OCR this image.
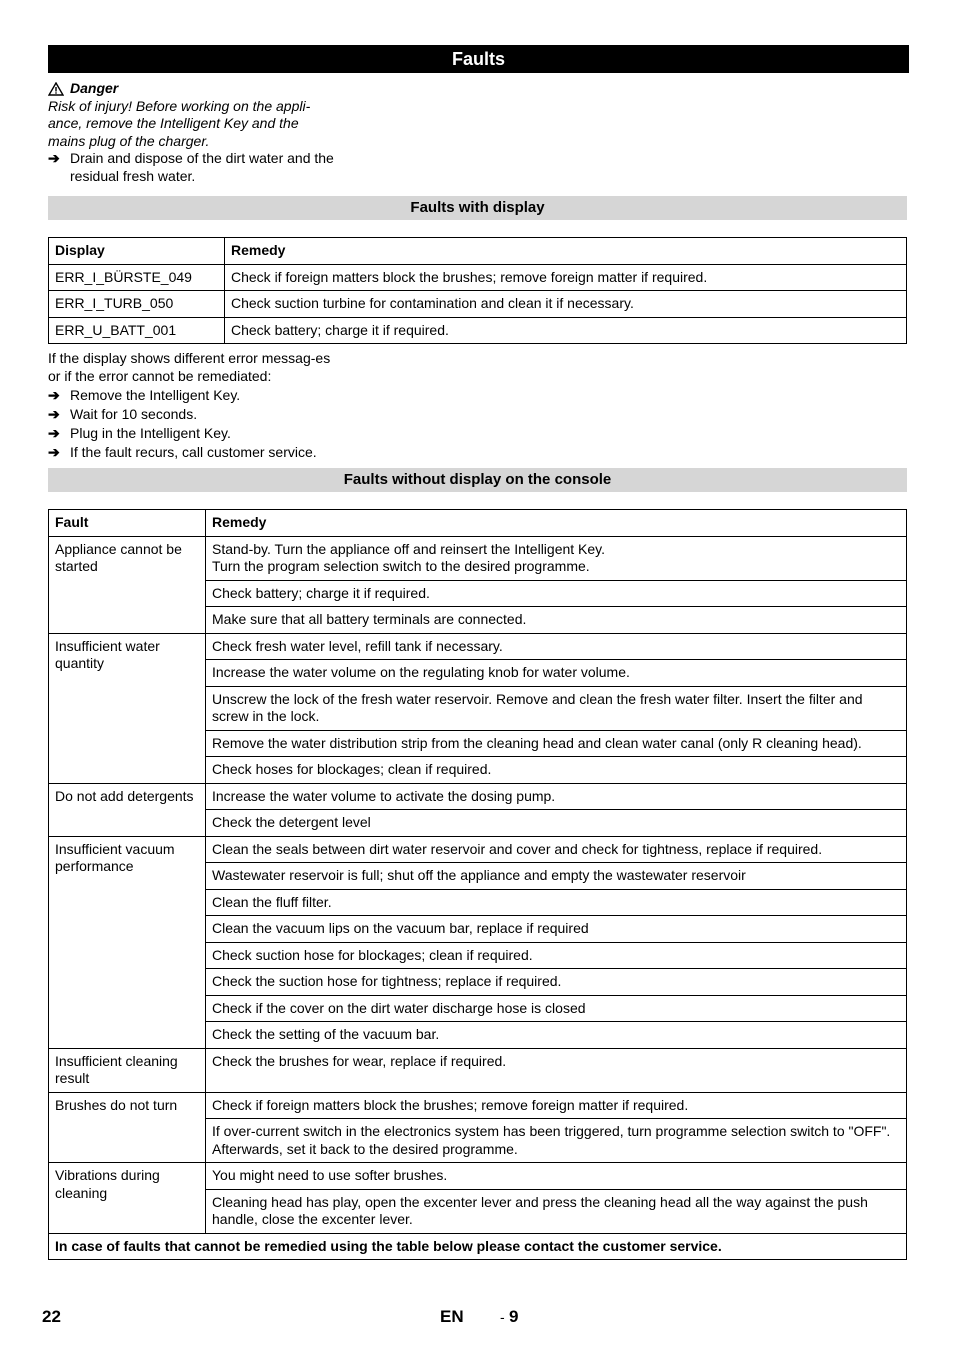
Faults
Danger
Risk of injury! Before working on the appli-ance, remove the Intelligent Key and the mains plug of the charger.
➔ Drain and dispose of the dirt water and the residual fresh water.
Faults with display
Display	Remedy
ERR_I_BÜRSTE_049	Check if foreign matters block the brushes; remove foreign matter if required.
ERR_I_TURB_050	Check suction turbine for contamination and clean it if necessary.
ERR_U_BATT_001	Check battery; charge it if required.
If the display shows different error messag-es or if the error cannot be remediated:
➔ Remove the Intelligent Key.
➔ Wait for 10 seconds.
➔ Plug in the Intelligent Key.
➔ If the fault recurs, call customer service.
Faults without display on the console
Fault	Remedy
Appliance cannot be started	Stand-by. Turn the appliance off and reinsert the Intelligent Key.
Turn the program selection switch to the desired programme.
	Check battery; charge it if required.
	Make sure that all battery terminals are connected.
Insufficient water quantity	Check fresh water level, refill tank if necessary.
	Increase the water volume on the regulating knob for water volume.
	Unscrew the lock of the fresh water reservoir. Remove and clean the fresh water filter. Insert the filter and screw in the lock.
	Remove the water distribution strip from the cleaning head and clean water canal (only R cleaning head).
	Check hoses for blockages; clean if required.
Do not add detergents	Increase the water volume to activate the dosing pump.
	Check the detergent level
Insufficient vacuum performance	Clean the seals between dirt water reservoir and cover and check for tightness, replace if required.
	Wastewater reservoir is full; shut off the appliance and empty the wastewater reservoir
	Clean the fluff filter.
	Clean the vacuum lips on the vacuum bar, replace if required
	Check suction hose for blockages; clean if required.
	Check the suction hose for tightness; replace if required.
	Check if the cover on the dirt water discharge hose is closed
	Check the setting of the vacuum bar.
Insufficient cleaning result	Check the brushes for wear, replace if required.
Brushes do not turn	Check if foreign matters block the brushes; remove foreign matter if required.
	If over-current switch in the electronics system has been triggered, turn programme selection switch to "OFF". Afterwards, set it back to the desired programme.
Vibrations during cleaning	You might need to use softer brushes.
	Cleaning head has play, open the excenter lever and press the cleaning head all the way against the push handle, close the excenter lever.
In case of faults that cannot be remedied using the table below please contact the customer service.	
22	EN	- 9
